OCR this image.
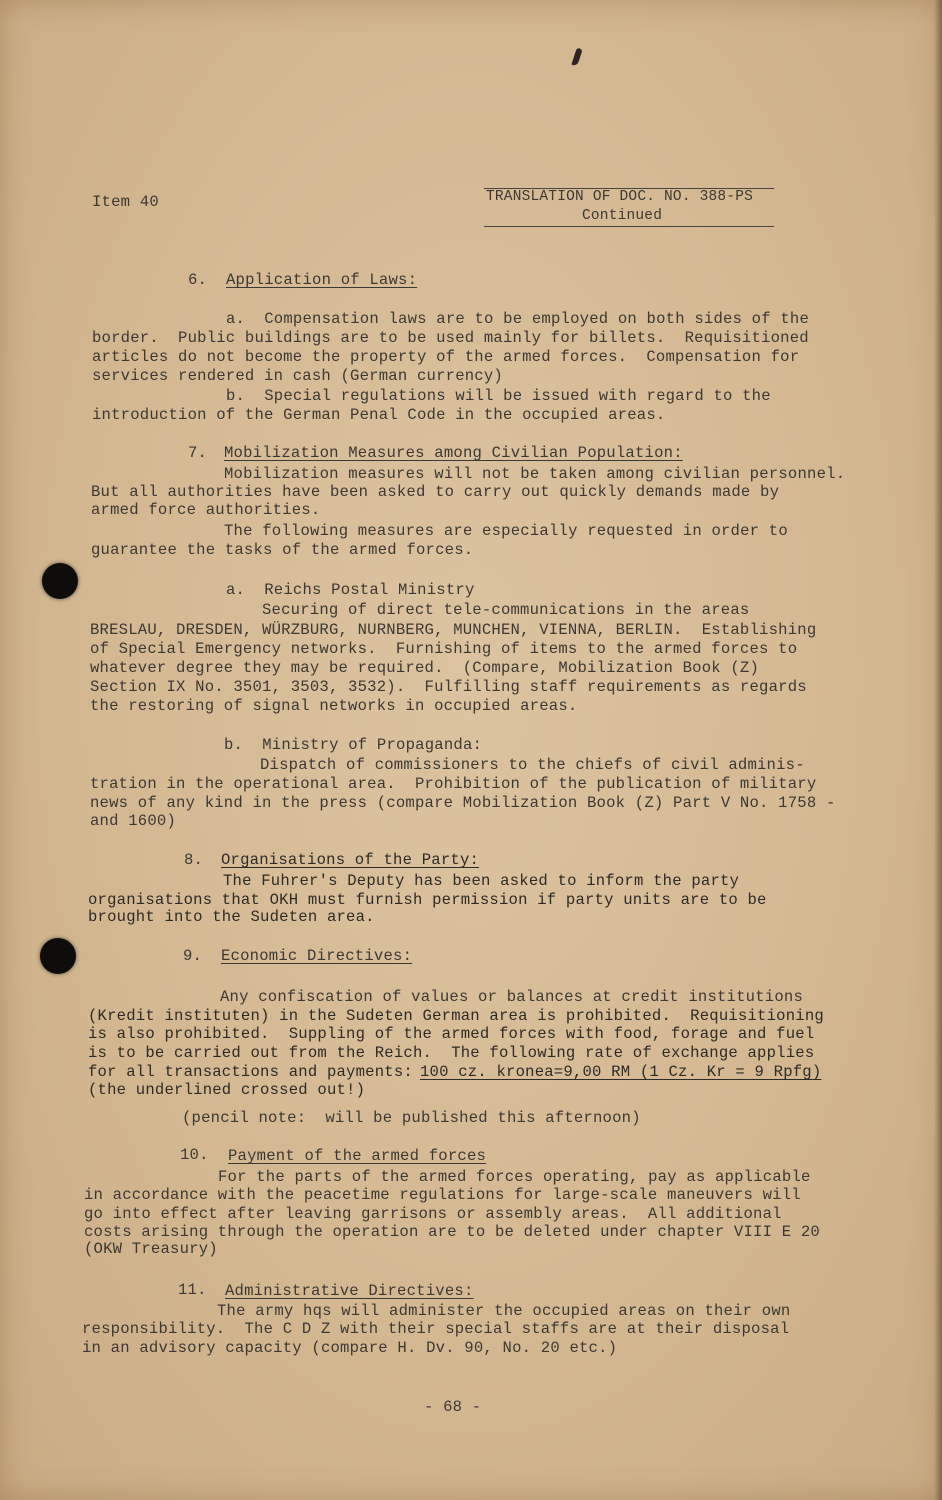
Item 40	TRANSLATION OF DOC. NO. 388-PS

Continued

6. Application of Laws:

a.  Compensation laws are to be employed on both sides of the

border.  Public buildings are to be used mainly for billets.  Requisitioned

articles do not become the property of the armed forces.  Compensation for

services rendered in cash (German currency)

b.  Special regulations will be issued with regard to the

introduction of the German Penal Code in the occupied areas.

7. Mobilization Measures among Civilian Population:

Mobilization measures will not be taken among civilian personnel.

But all authorities have been asked to carry out quickly demands made by

armed force authorities.

The following measures are especially requested in order to

guarantee the tasks of the armed forces.

a.  Reichs Postal Ministry

Securing of direct tele-communications in the areas

BRESLAU, DRESDEN, WÜRZBURG, NURNBERG, MUNCHEN, VIENNA, BERLIN.  Establishing

of Special Emergency networks.  Furnishing of items to the armed forces to

whatever degree they may be required.  (Compare, Mobilization Book (Z)

Section IX No. 3501, 3503, 3532).  Fulfilling staff requirements as regards

the restoring of signal networks in occupied areas.

b.  Ministry of Propaganda:

Dispatch of commissioners to the chiefs of civil adminis-

tration in the operational area.  Prohibition of the publication of military

news of any kind in the press (compare Mobilization Book (Z) Part V No. 1758 -

and 1600)

8. Organisations of the Party:

The Fuhrer's Deputy has been asked to inform the party

organisations that OKH must furnish permission if party units are to be

brought into the Sudeten area.

9. Economic Directives:

Any confiscation of values or balances at credit institutions

(Kredit instituten) in the Sudeten German area is prohibited.  Requisitioning

is also prohibited.  Suppling of the armed forces with food, forage and fuel

is to be carried out from the Reich.  The following rate of exchange applies

for all transactions and payments:

100 cz. kronea=9,00 RM (1 Cz. Kr = 9 Rpfg)

(the underlined crossed out!)

(pencil note:  will be published this afternoon)

10. Payment of the armed forces

For the parts of the armed forces operating, pay as applicable

in accordance with the peacetime regulations for large-scale maneuvers will

go into effect after leaving garrisons or assembly areas.  All additional

costs arising through the operation are to be deleted under chapter VIII E 20

(OKW Treasury)

11. Administrative Directives:

The army hqs will administer the occupied areas on their own

responsibility.  The C D Z with their special staffs are at their disposal

in an advisory capacity (compare H. Dv. 90, No. 20 etc.)

- 68 -
